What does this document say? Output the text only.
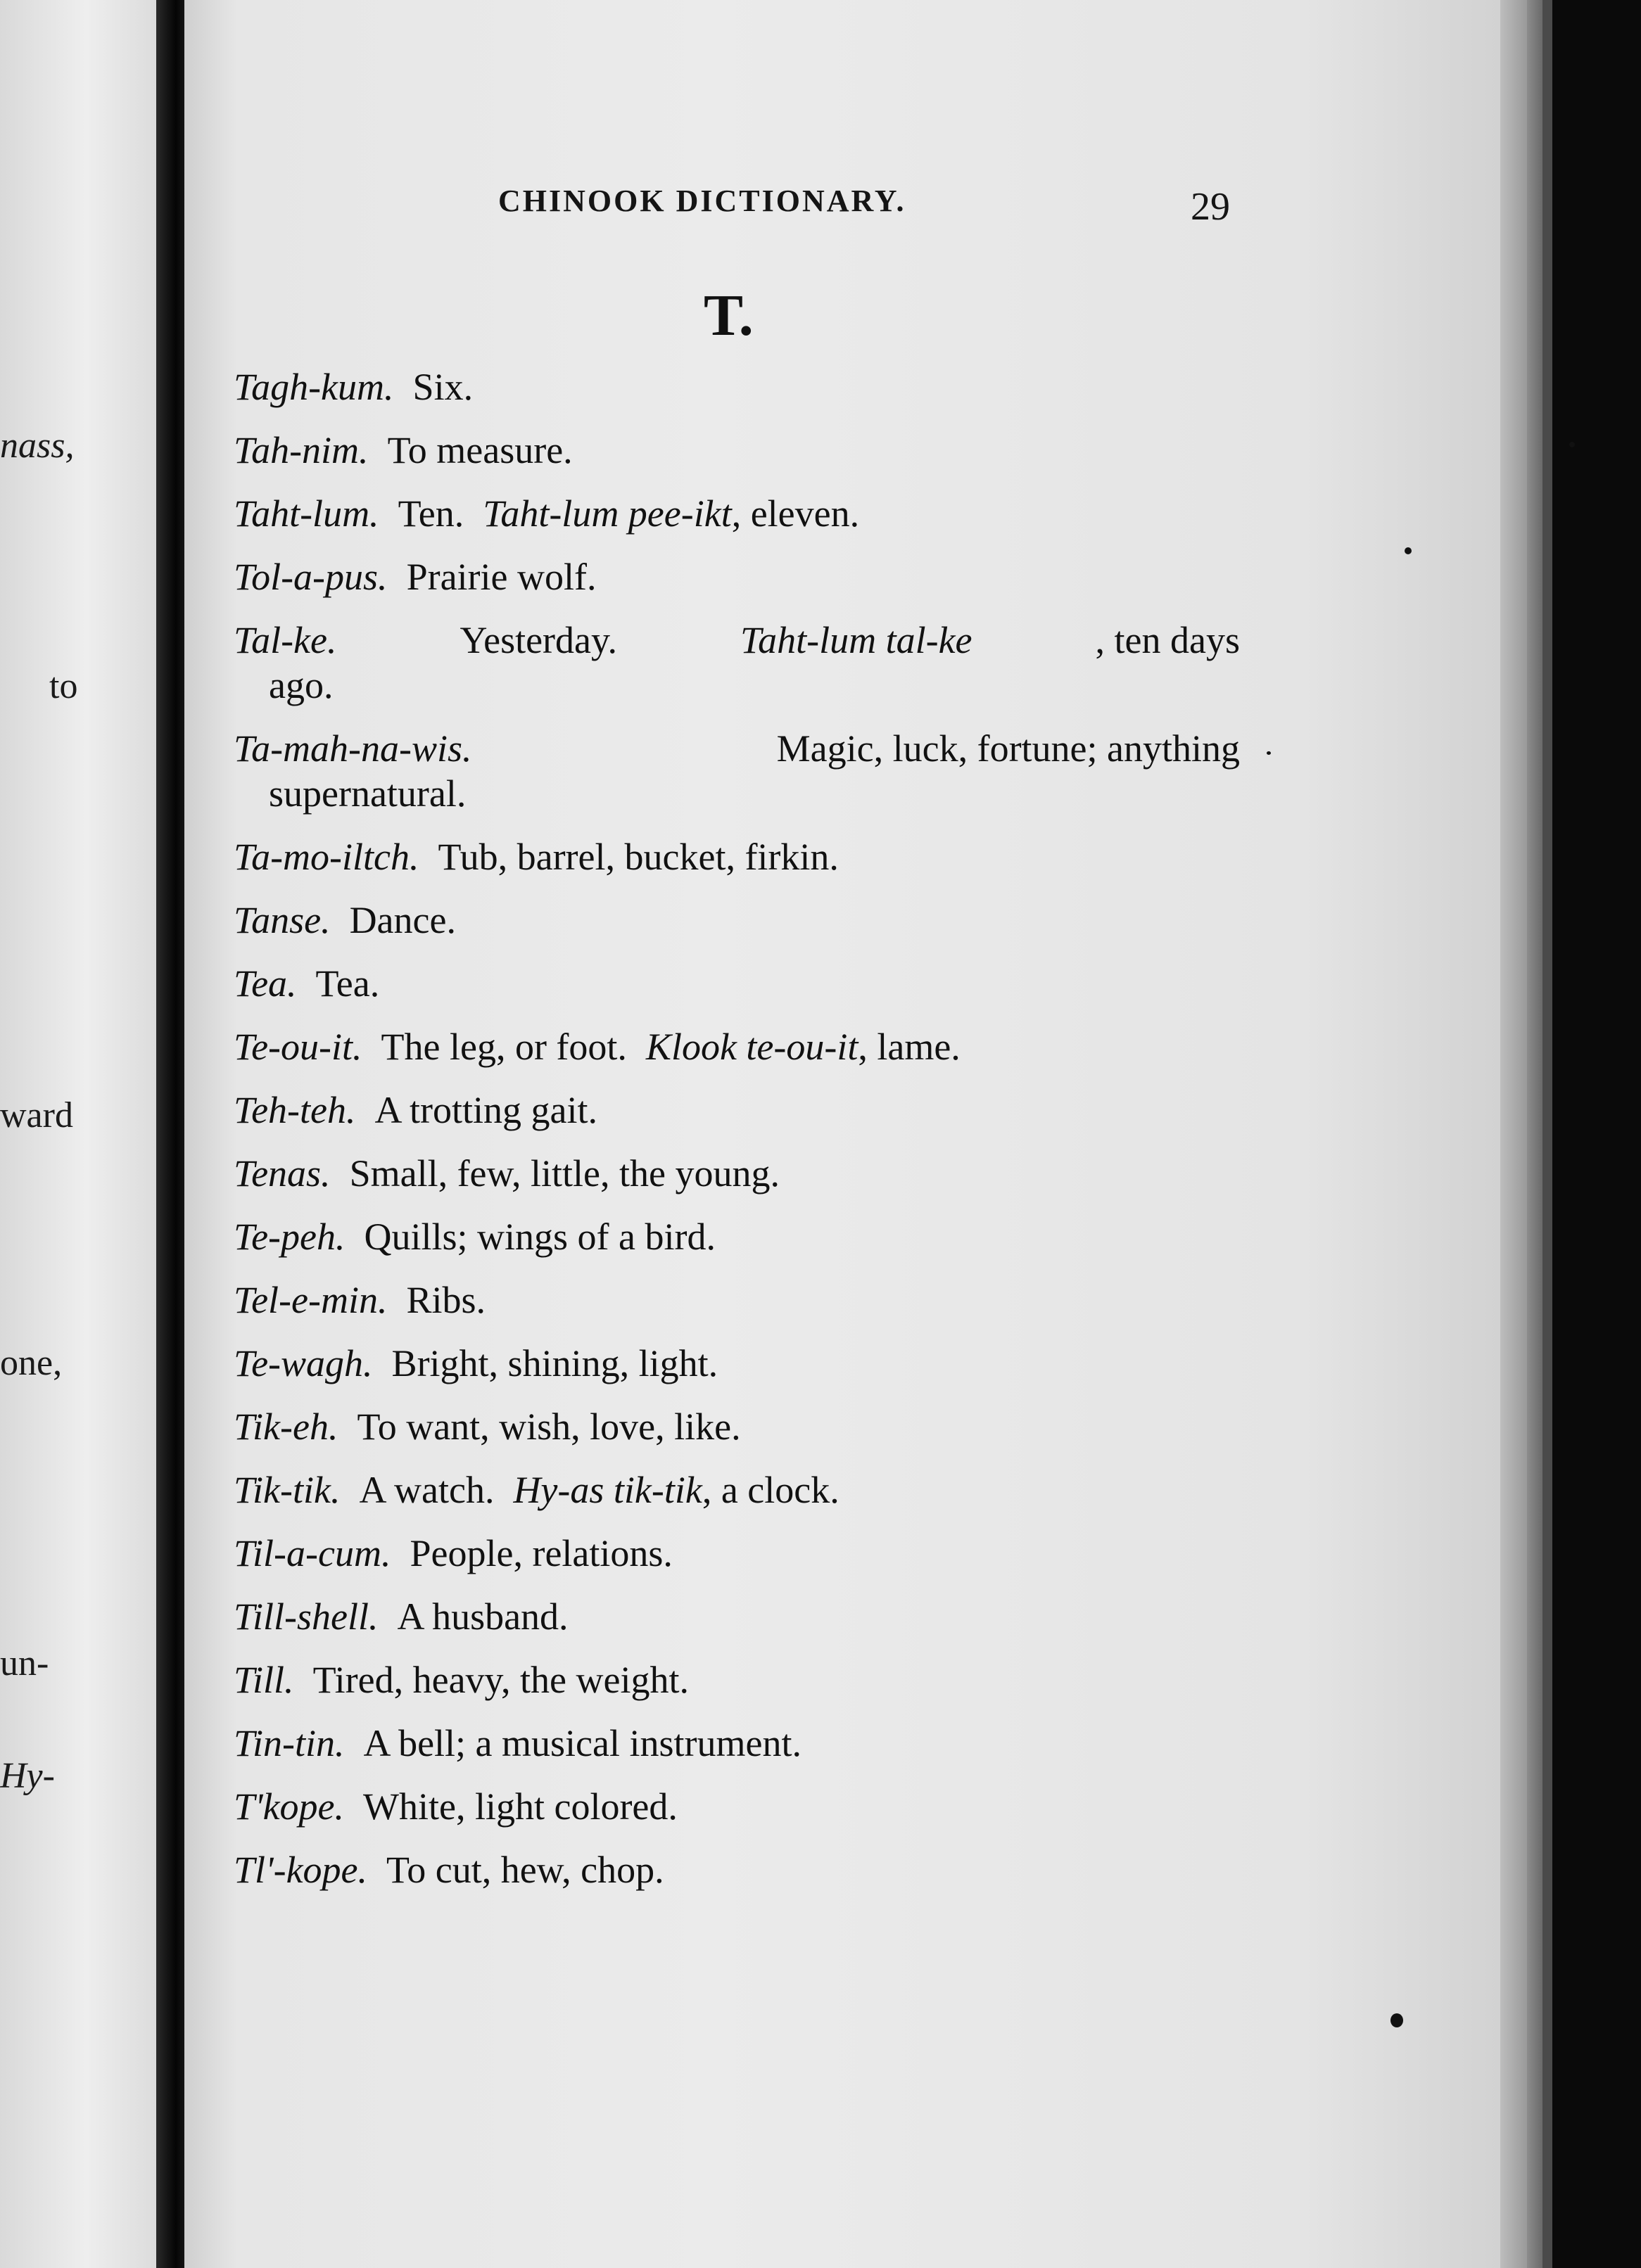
nass,
to
ward
one,
un-
Hy-
CHINOOK DICTIONARY.	29
T.

Tagh-kum. Six.

Tah-nim. To measure.

Taht-lum. Ten. Taht-lum pee-ikt, eleven.

Tol-a-pus. Prairie wolf.

Tal-ke.	Yesterday.	Taht-lum tal-ke	, ten days
ago.
Ta-mah-na-wis.	Magic, luck, fortune; anything
supernatural.

Ta-mo-iltch. Tub, barrel, bucket, firkin.

Tanse. Dance.

Tea. Tea.

Te-ou-it. The leg, or foot. Klook te-ou-it, lame.

Teh-teh. A trotting gait.

Tenas. Small, few, little, the young.

Te-peh. Quills; wings of a bird.

Tel-e-min. Ribs.

Te-wagh. Bright, shining, light.

Tik-eh. To want, wish, love, like.

Tik-tik. A watch. Hy-as tik-tik, a clock.

Til-a-cum. People, relations.

Till-shell. A husband.

Till. Tired, heavy, the weight.

Tin-tin. A bell; a musical instrument.

T'kope. White, light colored.

Tl'-kope. To cut, hew, chop.
